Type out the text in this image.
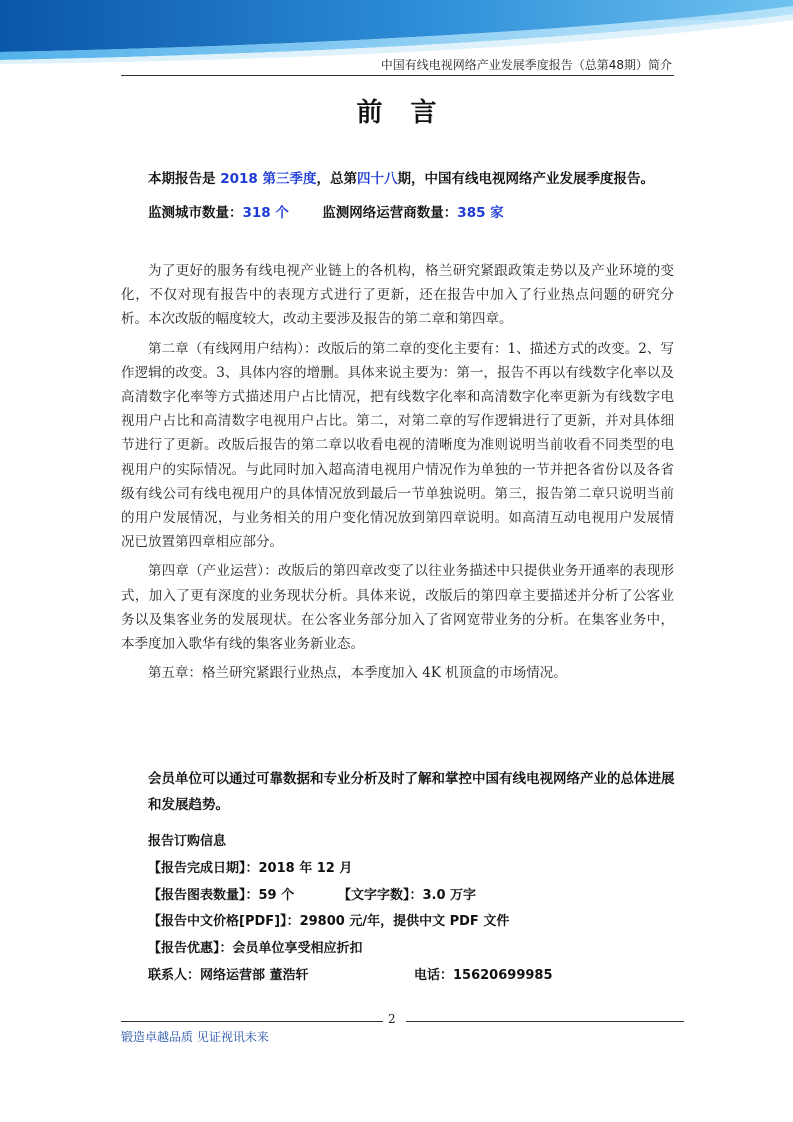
中国有线电视网络产业发展季度报告（总第48期）简介
前言
本期报告是 2018 第三季度，总第四十八期，中国有线电视网络产业发展季度报告。
监测城市数量：318 个 监测网络运营商数量：385 家

为了更好的服务有线电视产业链上的各机构，格兰研究紧跟政策走势以及产业环境的变化，不仅对现有报告中的表现方式进行了更新，还在报告中加入了行业热点问题的研究分析。本次改版的幅度较大，改动主要涉及报告的第二章和第四章。

第二章（有线网用户结构）：改版后的第二章的变化主要有：1、描述方式的改变。2、写作逻辑的改变。3、具体内容的增删。具体来说主要为：第一，报告不再以有线数字化率以及高清数字化率等方式描述用户占比情况，把有线数字化率和高清数字化率更新为有线数字电视用户占比和高清数字电视用户占比。第二，对第二章的写作逻辑进行了更新，并对具体细节进行了更新。改版后报告的第二章以收看电视的清晰度为准则说明当前收看不同类型的电视用户的实际情况。与此同时加入超高清电视用户情况作为单独的一节并把各省份以及各省级有线公司有线电视用户的具体情况放到最后一节单独说明。第三，报告第二章只说明当前的用户发展情况，与业务相关的用户变化情况放到第四章说明。如高清互动电视用户发展情况已放置第四章相应部分。

第四章（产业运营）：改版后的第四章改变了以往业务描述中只提供业务开通率的表现形式，加入了更有深度的业务现状分析。具体来说，改版后的第四章主要描述并分析了公客业务以及集客业务的发展现状。在公客业务部分加入了省网宽带业务的分析。在集客业务中，本季度加入歌华有线的集客业务新业态。

第五章：格兰研究紧跟行业热点，本季度加入 4K 机顶盒的市场情况。

会员单位可以通过可靠数据和专业分析及时了解和掌控中国有线电视网络产业的总体进展和发展趋势。
报告订购信息
【报告完成日期】：2018 年 12 月
【报告图表数量】：59 个	【文字字数】：3.0 万字
【报告中文价格[PDF]】：29800 元/年，提供中文 PDF 文件
【报告优惠】：会员单位享受相应折扣
联系人：网络运营部 董浩轩	电话：15620699985
2
锻造卓越品质 见证视讯未来
